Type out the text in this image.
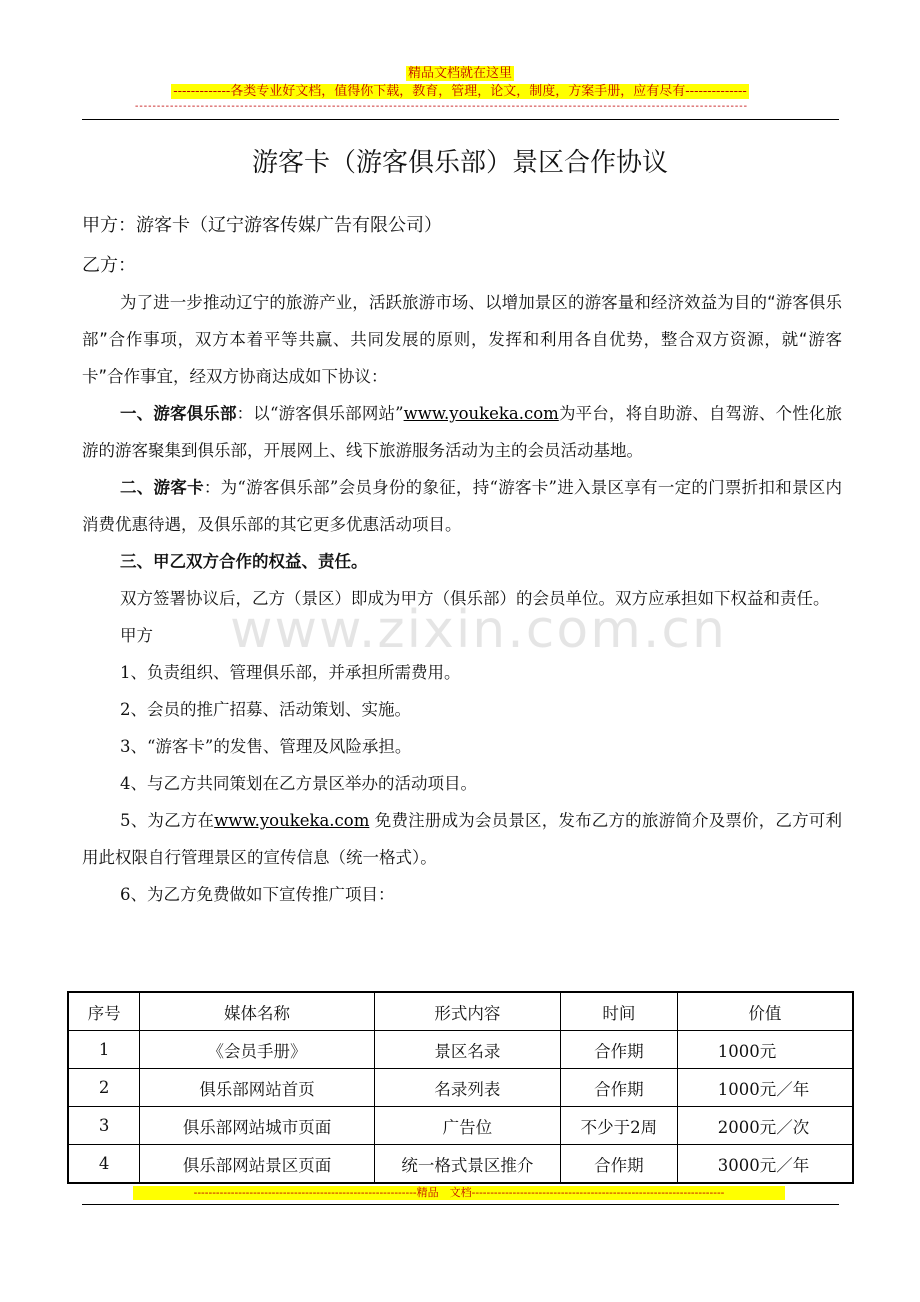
精品文档就在这里
-------------各类专业好文档，值得你下载，教育，管理，论文，制度，方案手册，应有尽有--------------
--------------------------------------------------------------------------------------------------------------------------------------------
游客卡（游客俱乐部）景区合作协议
甲方：游客卡（辽宁游客传媒广告有限公司）
乙方：

为了进一步推动辽宁的旅游产业，活跃旅游市场、以增加景区的游客量和经济效益为目的“游客俱乐部”合作事项，双方本着平等共赢、共同发展的原则，发挥和利用各自优势，整合双方资源，就“游客卡”合作事宜，经双方协商达成如下协议：

一、游客俱乐部：以“游客俱乐部网站”www.youkeka.com为平台，将自助游、自驾游、个性化旅游的游客聚集到俱乐部，开展网上、线下旅游服务活动为主的会员活动基地。

二、游客卡：为“游客俱乐部”会员身份的象征，持“游客卡”进入景区享有一定的门票折扣和景区内消费优惠待遇，及俱乐部的其它更多优惠活动项目。

三、甲乙双方合作的权益、责任。

双方签署协议后，乙方（景区）即成为甲方（俱乐部）的会员单位。双方应承担如下权益和责任。

甲方

1、负责组织、管理俱乐部，并承担所需费用。

2、会员的推广招募、活动策划、实施。

3、“游客卡”的发售、管理及风险承担。

4、与乙方共同策划在乙方景区举办的活动项目。

5、为乙方在www.youkeka.com 免费注册成为会员景区，发布乙方的旅游简介及票价，乙方可利用此权限自行管理景区的宣传信息（统一格式）。

6、为乙方免费做如下宣传推广项目：

www.zixin.com.cn
序号	媒体名称	形式内容	时间	价值
1	《会员手册》	景区名录	合作期	1000元
2	俱乐部网站首页	名录列表	合作期	1000元／年
3	俱乐部网站城市页面	广告位	不少于2周	2000元／次
4	俱乐部网站景区页面	统一格式景区推介	合作期	3000元／年
------------------------------------------------------------精品　文档--------------------------------------------------------------------
